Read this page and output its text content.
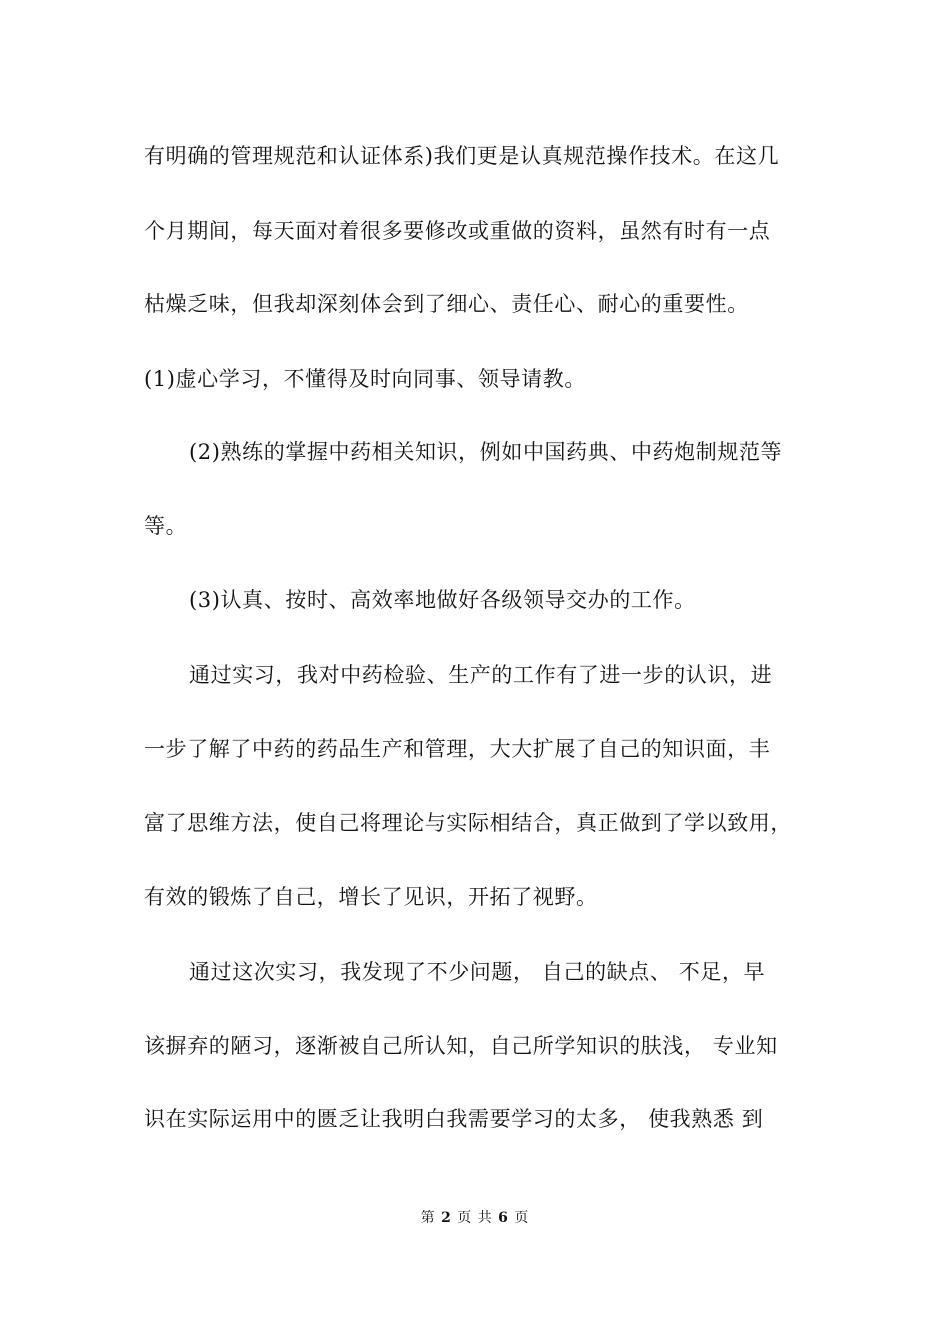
有明确的管理规范和认证体系)我们更是认真规范操作技术。在这几
个月期间，每天面对着很多要修改或重做的资料，虽然有时有一点
枯燥乏味，但我却深刻体会到了细心、责任心、耐心的重要性。
(1)虚心学习，不懂得及时向同事、领导请教。
(2)熟练的掌握中药相关知识，例如中国药典、中药炮制规范等
等。
(3)认真、按时、高效率地做好各级领导交办的工作。
通过实习，我对中药检验、生产的工作有了进一步的认识，进
一步了解了中药的药品生产和管理，大大扩展了自己的知识面，丰
富了思维方法，使自己将理论与实际相结合，真正做到了学以致用，
有效的锻炼了自己，增长了见识，开拓了视野。
通过这次实习，我发现了不少问题， 自己的缺点、 不足，早
该摒弃的陋习，逐渐被自己所认知，自己所学知识的肤浅， 专业知
识在实际运用中的匮乏让我明白我需要学习的太多， 使我熟悉 到
第 2 页 共 6 页
